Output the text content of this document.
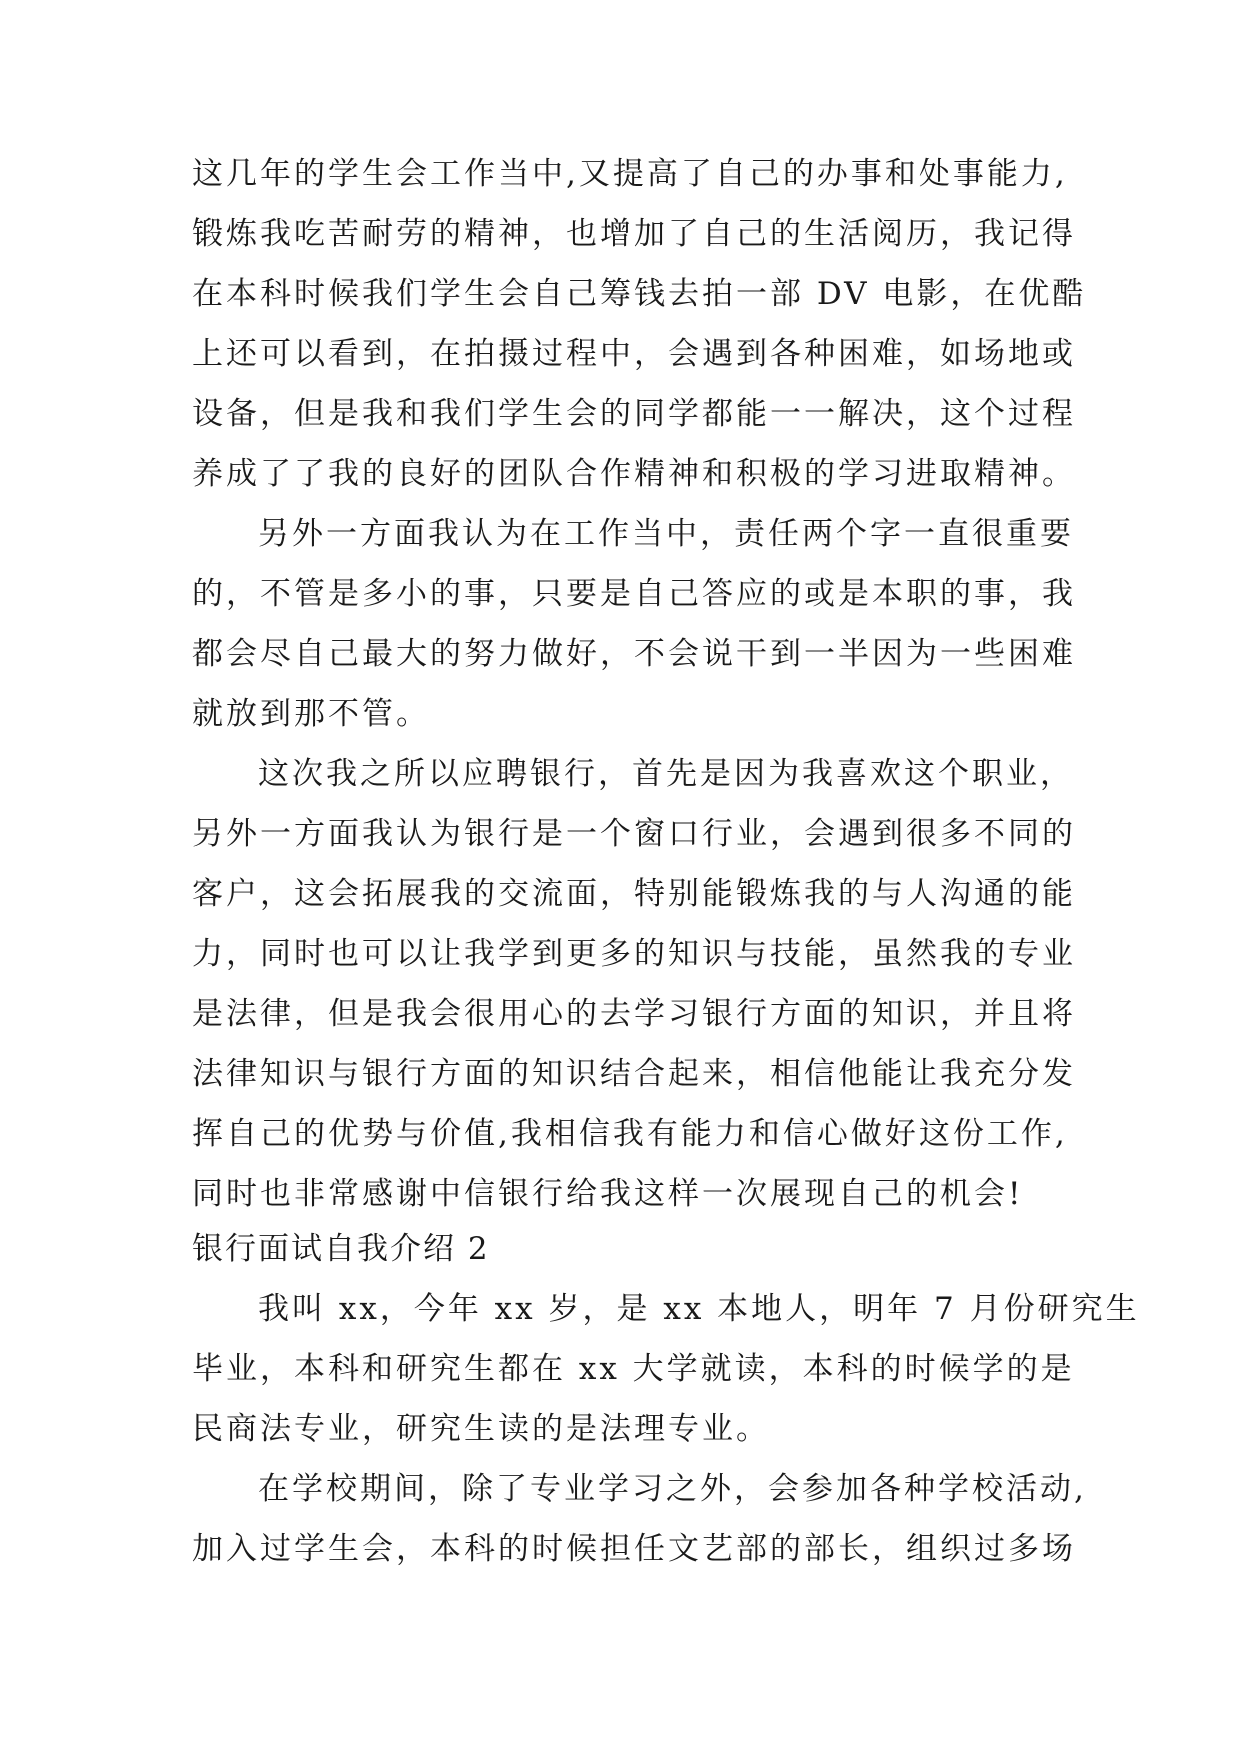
这几年的学生会工作当中,又提高了自己的办事和处事能力,
锻炼我吃苦耐劳的精神，也增加了自己的生活阅历，我记得
在本科时候我们学生会自己筹钱去拍一部 DV 电影，在优酷
上还可以看到，在拍摄过程中，会遇到各种困难，如场地或
设备，但是我和我们学生会的同学都能一一解决，这个过程
养成了了我的良好的团队合作精神和积极的学习进取精神。
另外一方面我认为在工作当中，责任两个字一直很重要
的，不管是多小的事，只要是自己答应的或是本职的事，我
都会尽自己最大的努力做好，不会说干到一半因为一些困难
就放到那不管。
这次我之所以应聘银行，首先是因为我喜欢这个职业，
另外一方面我认为银行是一个窗口行业，会遇到很多不同的
客户，这会拓展我的交流面，特别能锻炼我的与人沟通的能
力，同时也可以让我学到更多的知识与技能，虽然我的专业
是法律，但是我会很用心的去学习银行方面的知识，并且将
法律知识与银行方面的知识结合起来，相信他能让我充分发
挥自己的优势与价值,我相信我有能力和信心做好这份工作,
同时也非常感谢中信银行给我这样一次展现自己的机会!
银行面试自我介绍 2
我叫 xx，今年 xx 岁，是 xx 本地人，明年 7 月份研究生
毕业，本科和研究生都在 xx 大学就读，本科的时候学的是
民商法专业，研究生读的是法理专业。
在学校期间，除了专业学习之外，会参加各种学校活动,
加入过学生会，本科的时候担任文艺部的部长，组织过多场
